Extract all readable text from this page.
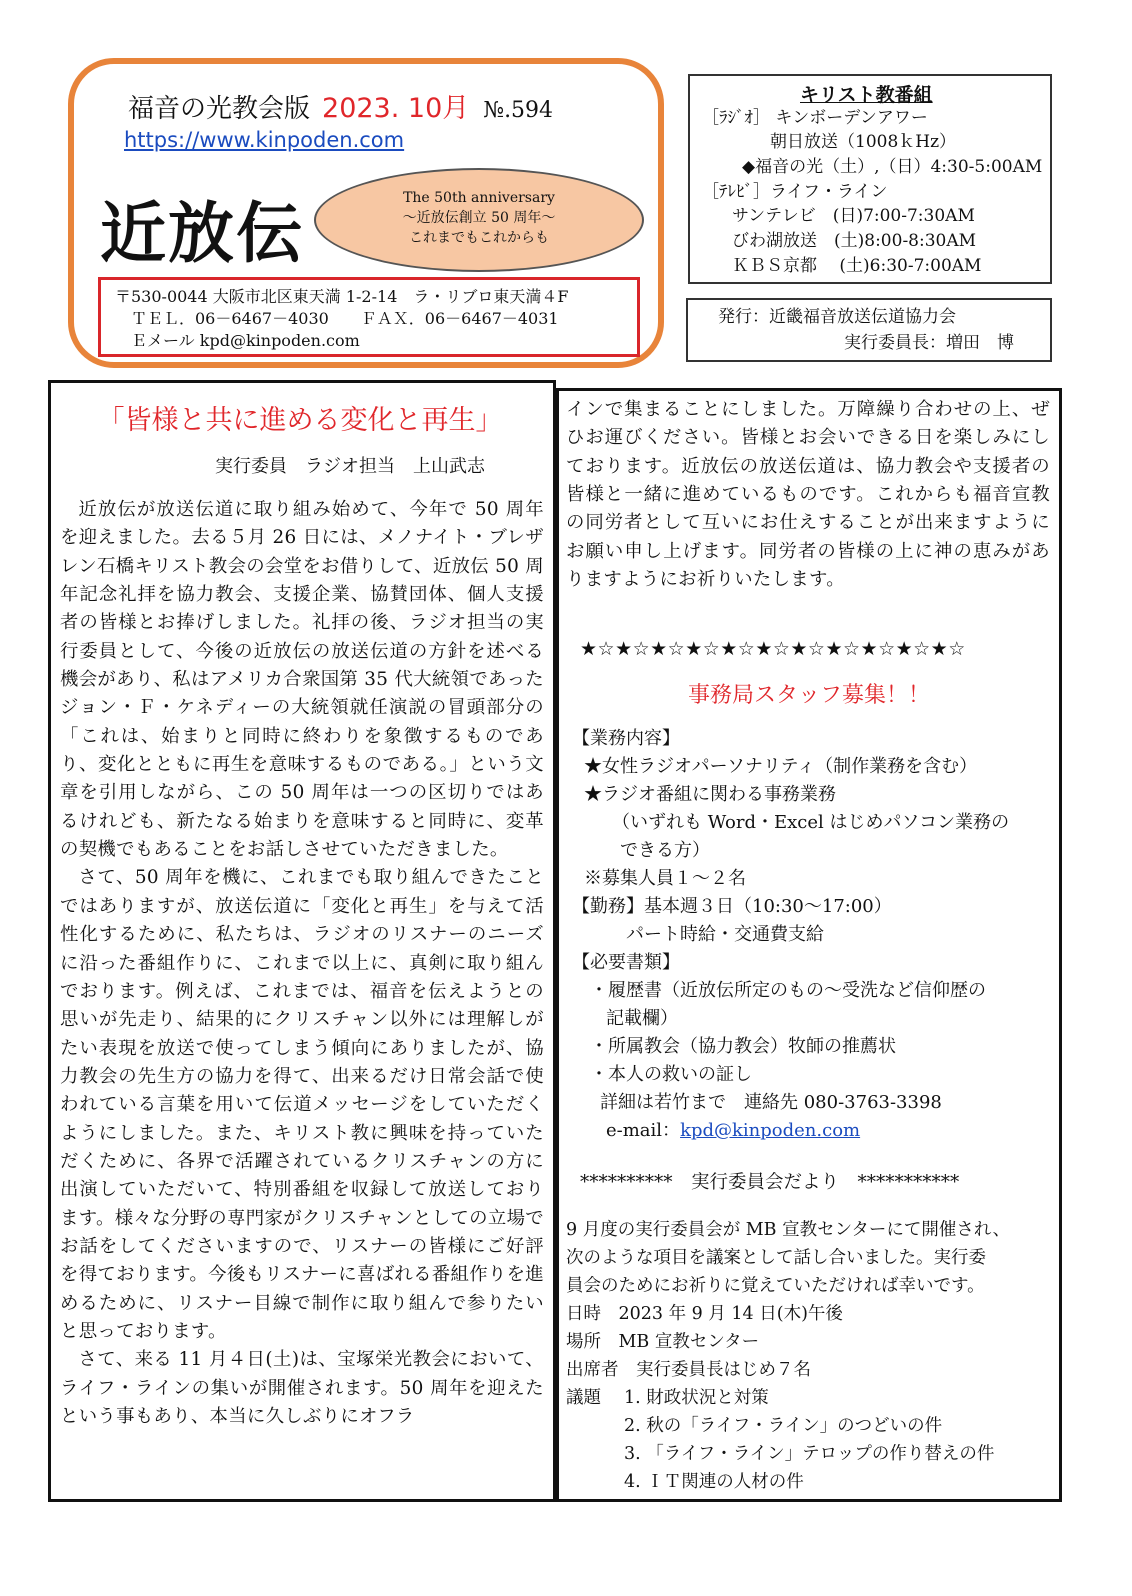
福音の光教会版 2023. 10月 №.594
https://www.kinpoden.com
近放伝	The 50th anniversary
～近放伝創立 50 周年～
これまでもこれからも
〒530-0044 大阪市北区東天満 1-2-14　ラ・リブロ東天満４F
ＴＥＬ．06－6467－4030　　ＦＡＸ．06－6467－4031
Ｅメール kpd@kinpoden.com
キリスト教番組
［ﾗｼﾞｵ］ キンボーデンアワー
朝日放送（1008ｋHz）
◆福音の光（土）,（日）4:30-5:00AM
［ﾃﾚﾋﾞ］ライフ・ライン
サンテレビ　(日)7:00-7:30AM
びわ湖放送　(土)8:00-8:30AM
ＫＢＳ京都　 (土)6:30-7:00AM
発行：近畿福音放送伝道協力会
実行委員長：増田　博
「皆様と共に進める変化と再生」
実行委員　ラジオ担当　上山武志

近放伝が放送伝道に取り組み始めて、今年で 50 周年を迎えました。去る５月 26 日には、メノナイト・ブレザレン石橋キリスト教会の会堂をお借りして、近放伝 50 周年記念礼拝を協力教会、支援企業、協賛団体、個人支援者の皆様とお捧げしました。礼拝の後、ラジオ担当の実行委員として、今後の近放伝の放送伝道の方針を述べる機会があり、私はアメリカ合衆国第 35 代大統領であったジョン・Ｆ・ケネディーの大統領就任演説の冒頭部分の「これは、始まりと同時に終わりを象徴するものであり、変化とともに再生を意味するものである。」という文章を引用しながら、この 50 周年は一つの区切りではあるけれども、新たなる始まりを意味すると同時に、変革の契機でもあることをお話しさせていただきました。

さて、50 周年を機に、これまでも取り組んできたことではありますが、放送伝道に「変化と再生」を与えて活性化するために、私たちは、ラジオのリスナーのニーズに沿った番組作りに、これまで以上に、真剣に取り組んでおります。例えば、これまでは、福音を伝えようとの思いが先走り、結果的にクリスチャン以外には理解しがたい表現を放送で使ってしまう傾向にありましたが、協力教会の先生方の協力を得て、出来るだけ日常会話で使われている言葉を用いて伝道メッセージをしていただくようにしました。また、キリスト教に興味を持っていただくために、各界で活躍されているクリスチャンの方に出演していただいて、特別番組を収録して放送しております。様々な分野の専門家がクリスチャンとしての立場でお話をしてくださいますので、リスナーの皆様にご好評を得ております。今後もリスナーに喜ばれる番組作りを進めるために、リスナー目線で制作に取り組んで参りたいと思っております。

さて、来る 11 月４日(土)は、宝塚栄光教会において、ライフ・ラインの集いが開催されます。50 周年を迎えたという事もあり、本当に久しぶりにオフラ

インで集まることにしました。万障繰り合わせの上、ぜひお運びください。皆様とお会いできる日を楽しみにしております。近放伝の放送伝道は、協力教会や支援者の皆様と一緒に進めているものです。これからも福音宣教の同労者として互いにお仕えすることが出来ますようにお願い申し上げます。同労者の皆様の上に神の恵みがありますようにお祈りいたします。
★☆★☆★☆★☆★☆★☆★☆★☆★☆★☆★☆
事務局スタッフ募集！！
【業務内容】
★女性ラジオパーソナリティ（制作業務を含む）
★ラジオ番組に関わる事務業務
（いずれも Word・Excel はじめパソコン業務の
できる方）
※募集人員１～２名
【勤務】基本週３日（10:30～17:00）
パート時給・交通費支給
【必要書類】
・履歴書（近放伝所定のもの～受洗など信仰歴の
記載欄）
・所属教会（協力教会）牧師の推薦状
・本人の救いの証し
詳細は若竹まで　連絡先 080-3763-3398
e-mail：kpd@kinpoden.com
**********　実行委員会だより　***********
9 月度の実行委員会が MB 宣教センターにて開催され、
次のような項目を議案として話し合いました。実行委
員会のためにお祈りに覚えていただければ幸いです。
日時　2023 年 9 月 14 日(木)午後
場所　MB 宣教センター
出席者　実行委員長はじめ７名
議題 1. 財政状況と対策
2. 秋の「ライフ・ライン」のつどいの件
3. 「ライフ・ライン」テロップの作り替えの件
4. ＩＴ関連の人材の件
